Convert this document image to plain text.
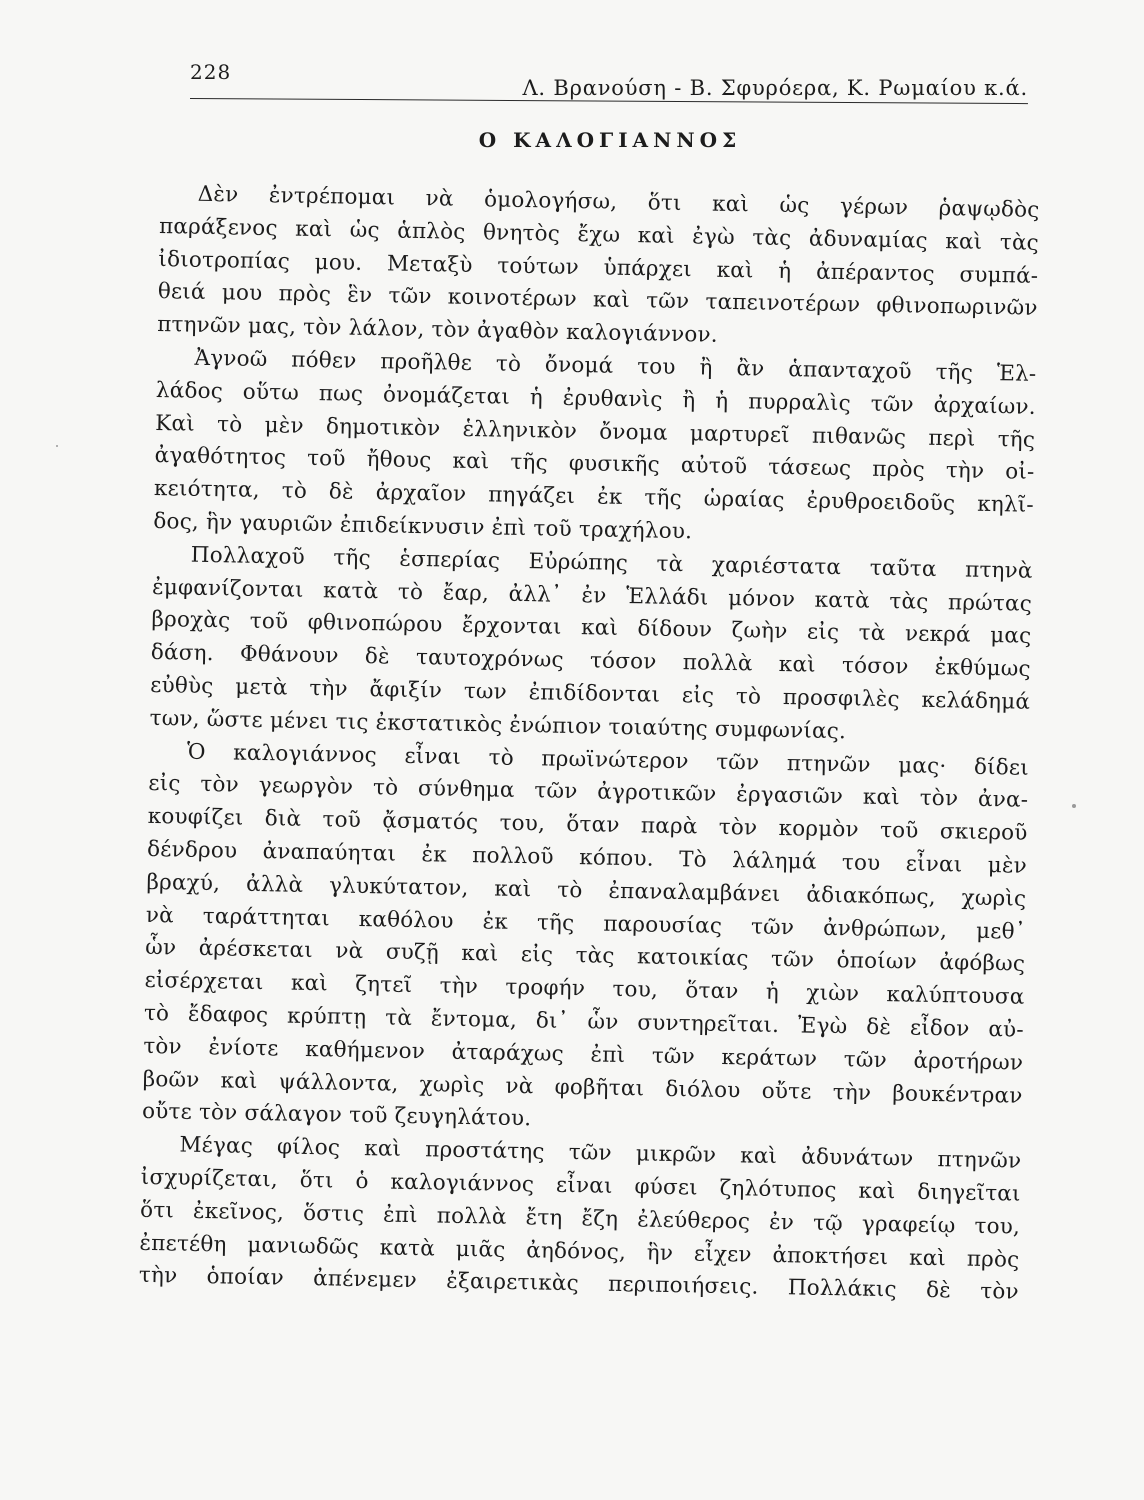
228
Λ. Βρανούση - Β. Σφυρόερα, Κ. Ρωμαίου κ.ά.
Ο ΚΑΛΟΓΙΑΝΝΟΣ
Δὲν ἐντρέπομαι νὰ ὁμολογήσω, ὅτι καὶ ὡς γέρων ῥαψῳδὸς
παράξενος καὶ ὡς ἁπλὸς θνητὸς ἔχω καὶ ἐγὼ τὰς ἀδυναμίας καὶ τὰς
ἰδιοτροπίας μου. Μεταξὺ τούτων ὑπάρχει καὶ ἡ ἀπέραντος συμπά-
θειά μου πρὸς ἓν τῶν κοινοτέρων καὶ τῶν ταπεινοτέρων φθινοπωρινῶν
πτηνῶν μας, τὸν λάλον, τὸν ἀγαθὸν καλογιάννον.
Ἀγνοῶ πόθεν προῆλθε τὸ ὄνομά του ἢ ἂν ἁπανταχοῦ τῆς Ἑλ-
λάδος οὕτω πως ὀνομάζεται ἡ ἐρυθανὶς ἢ ἡ πυρραλὶς τῶν ἀρχαίων.
Καὶ τὸ μὲν δημοτικὸν ἑλληνικὸν ὄνομα μαρτυρεῖ πιθανῶς περὶ τῆς
ἀγαθότητος τοῦ ἤθους καὶ τῆς φυσικῆς αὐτοῦ τάσεως πρὸς τὴν οἰ-
κειότητα, τὸ δὲ ἀρχαῖον πηγάζει ἐκ τῆς ὡραίας ἐρυθροειδοῦς κηλῖ-
δος, ἣν γαυριῶν ἐπιδείκνυσιν ἐπὶ τοῦ τραχήλου.
Πολλαχοῦ τῆς ἑσπερίας Εὐρώπης τὰ χαριέστατα ταῦτα πτηνὰ
ἐμφανίζονται κατὰ τὸ ἔαρ, ἀλλ᾿ ἐν Ἑλλάδι μόνον κατὰ τὰς πρώτας
βροχὰς τοῦ φθινοπώρου ἔρχονται καὶ δίδουν ζωὴν εἰς τὰ νεκρά μας
δάση. Φθάνουν δὲ ταυτοχρόνως τόσον πολλὰ καὶ τόσον ἐκθύμως
εὐθὺς μετὰ τὴν ἄφιξίν των ἐπιδίδονται εἰς τὸ προσφιλὲς κελάδημά
των, ὥστε μένει τις ἐκστατικὸς ἐνώπιον τοιαύτης συμφωνίας.
Ὁ καλογιάννος εἶναι τὸ πρωϊνώτερον τῶν πτηνῶν μας· δίδει
εἰς τὸν γεωργὸν τὸ σύνθημα τῶν ἀγροτικῶν ἐργασιῶν καὶ τὸν ἀνα-
κουφίζει διὰ τοῦ ᾄσματός του, ὅταν παρὰ τὸν κορμὸν τοῦ σκιεροῦ
δένδρου ἀναπαύηται ἐκ πολλοῦ κόπου. Τὸ λάλημά του εἶναι μὲν
βραχύ, ἀλλὰ γλυκύτατον, καὶ τὸ ἐπαναλαμβάνει ἀδιακόπως, χωρὶς
νὰ ταράττηται καθόλου ἐκ τῆς παρουσίας τῶν ἀνθρώπων, μεθ᾿
ὧν ἀρέσκεται νὰ συζῇ καὶ εἰς τὰς κατοικίας τῶν ὁποίων ἀφόβως
εἰσέρχεται καὶ ζητεῖ τὴν τροφήν του, ὅταν ἡ χιὼν καλύπτουσα
τὸ ἔδαφος κρύπτῃ τὰ ἔντομα, δι᾿ ὧν συντηρεῖται. Ἐγὼ δὲ εἶδον αὐ-
τὸν ἐνίοτε καθήμενον ἀταράχως ἐπὶ τῶν κεράτων τῶν ἀροτήρων
βοῶν καὶ ψάλλοντα, χωρὶς νὰ φοβῆται διόλου οὔτε τὴν βουκέντραν
οὔτε τὸν σάλαγον τοῦ ζευγηλάτου.
Μέγας φίλος καὶ προστάτης τῶν μικρῶν καὶ ἀδυνάτων πτηνῶν
ἰσχυρίζεται, ὅτι ὁ καλογιάννος εἶναι φύσει ζηλότυπος καὶ διηγεῖται
ὅτι ἐκεῖνος, ὅστις ἐπὶ πολλὰ ἔτη ἔζη ἐλεύθερος ἐν τῷ γραφείῳ του,
ἐπετέθη μανιωδῶς κατὰ μιᾶς ἀηδόνος, ἣν εἶχεν ἀποκτήσει καὶ πρὸς
τὴν ὁποίαν ἀπένεμεν ἐξαιρετικὰς περιποιήσεις. Πολλάκις δὲ τὸν
